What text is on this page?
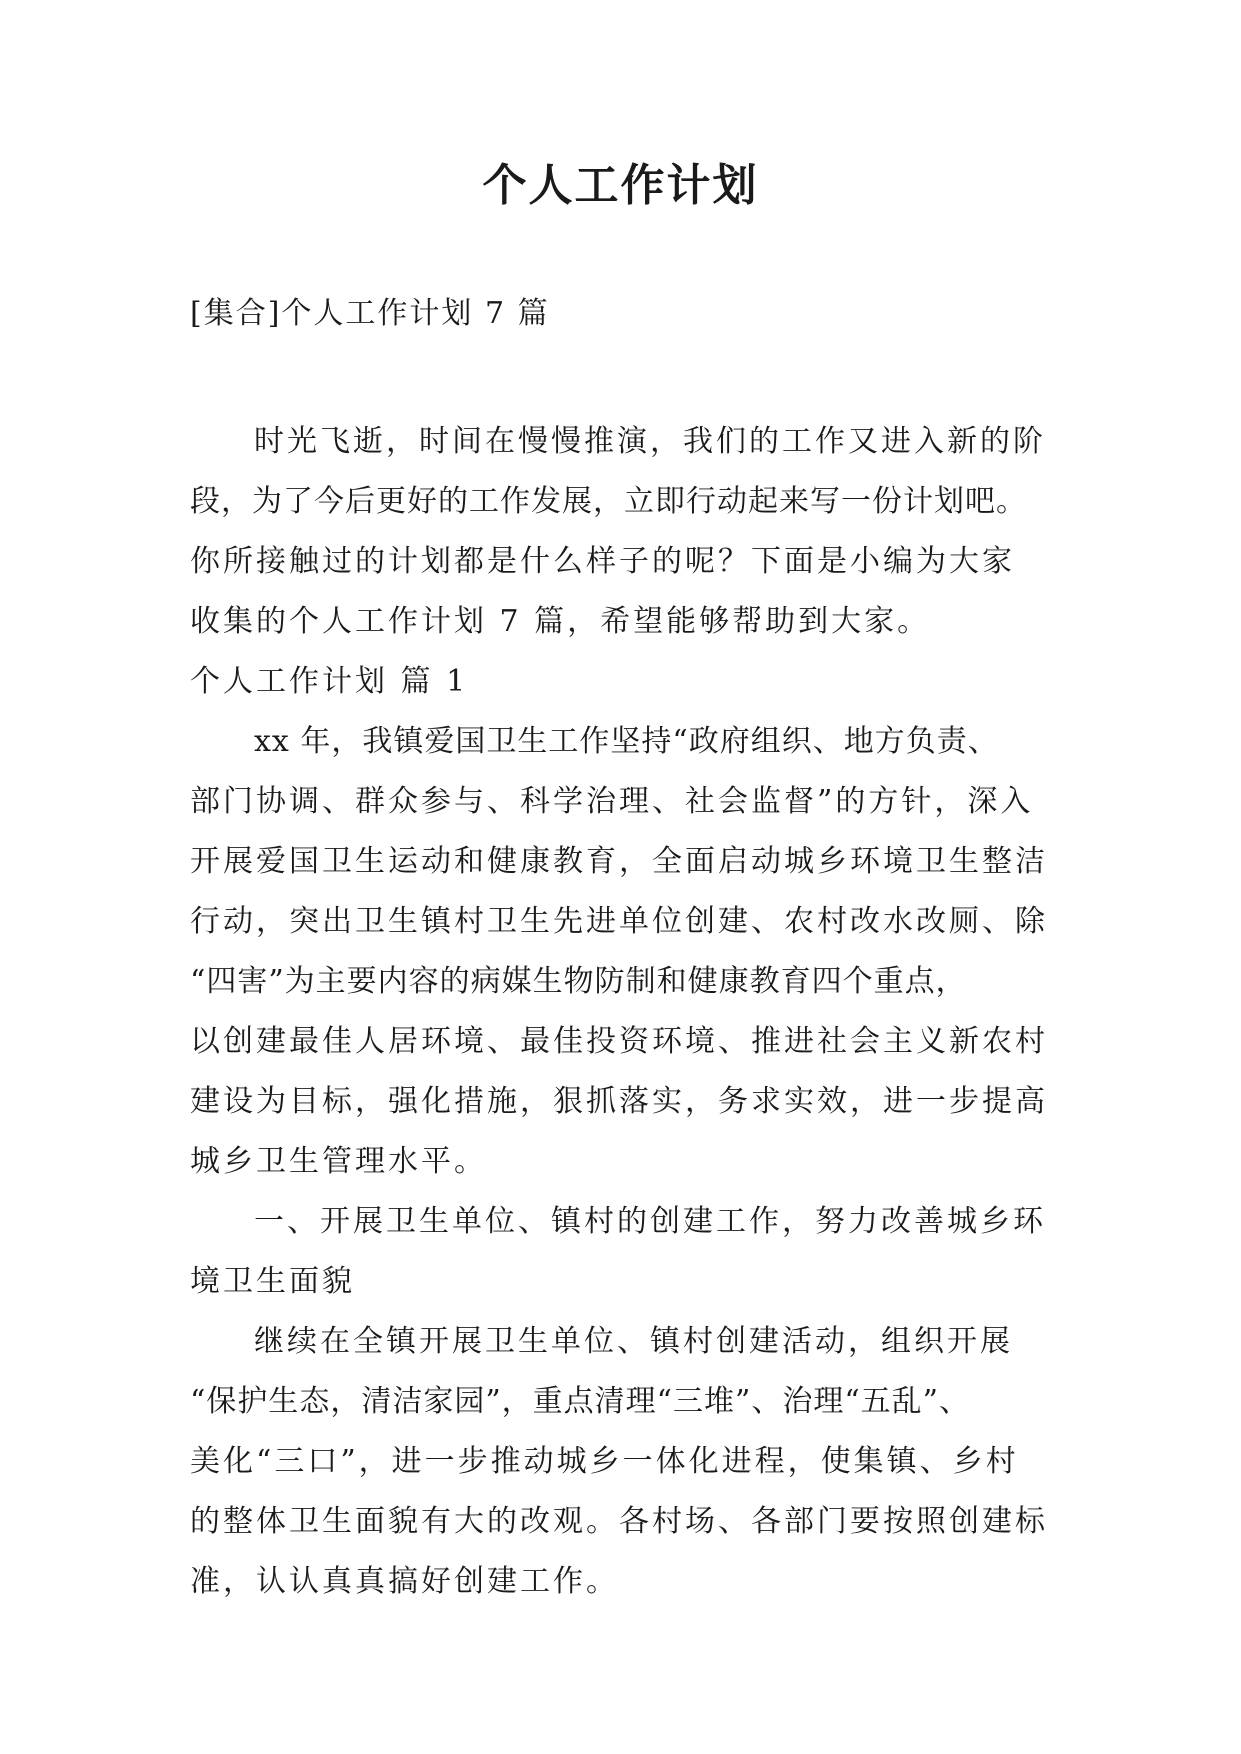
个人工作计划
[集合]个人工作计划 7 篇
时光飞逝，时间在慢慢推演，我们的工作又进入新的阶
段，为了今后更好的工作发展，立即行动起来写一份计划吧。
你所接触过的计划都是什么样子的呢？下面是小编为大家
收集的个人工作计划 7 篇，希望能够帮助到大家。
个人工作计划 篇 1
xx 年，我镇爱国卫生工作坚持“政府组织、地方负责、
部门协调、群众参与、科学治理、社会监督”的方针，深入
开展爱国卫生运动和健康教育，全面启动城乡环境卫生整洁
行动，突出卫生镇村卫生先进单位创建、农村改水改厕、除
“四害”为主要内容的病媒生物防制和健康教育四个重点，
以创建最佳人居环境、最佳投资环境、推进社会主义新农村
建设为目标，强化措施，狠抓落实，务求实效，进一步提高
城乡卫生管理水平。
一、开展卫生单位、镇村的创建工作，努力改善城乡环
境卫生面貌
继续在全镇开展卫生单位、镇村创建活动，组织开展
“保护生态，清洁家园”，重点清理“三堆”、治理“五乱”、
美化“三口”，进一步推动城乡一体化进程，使集镇、乡村
的整体卫生面貌有大的改观。各村场、各部门要按照创建标
准，认认真真搞好创建工作。
